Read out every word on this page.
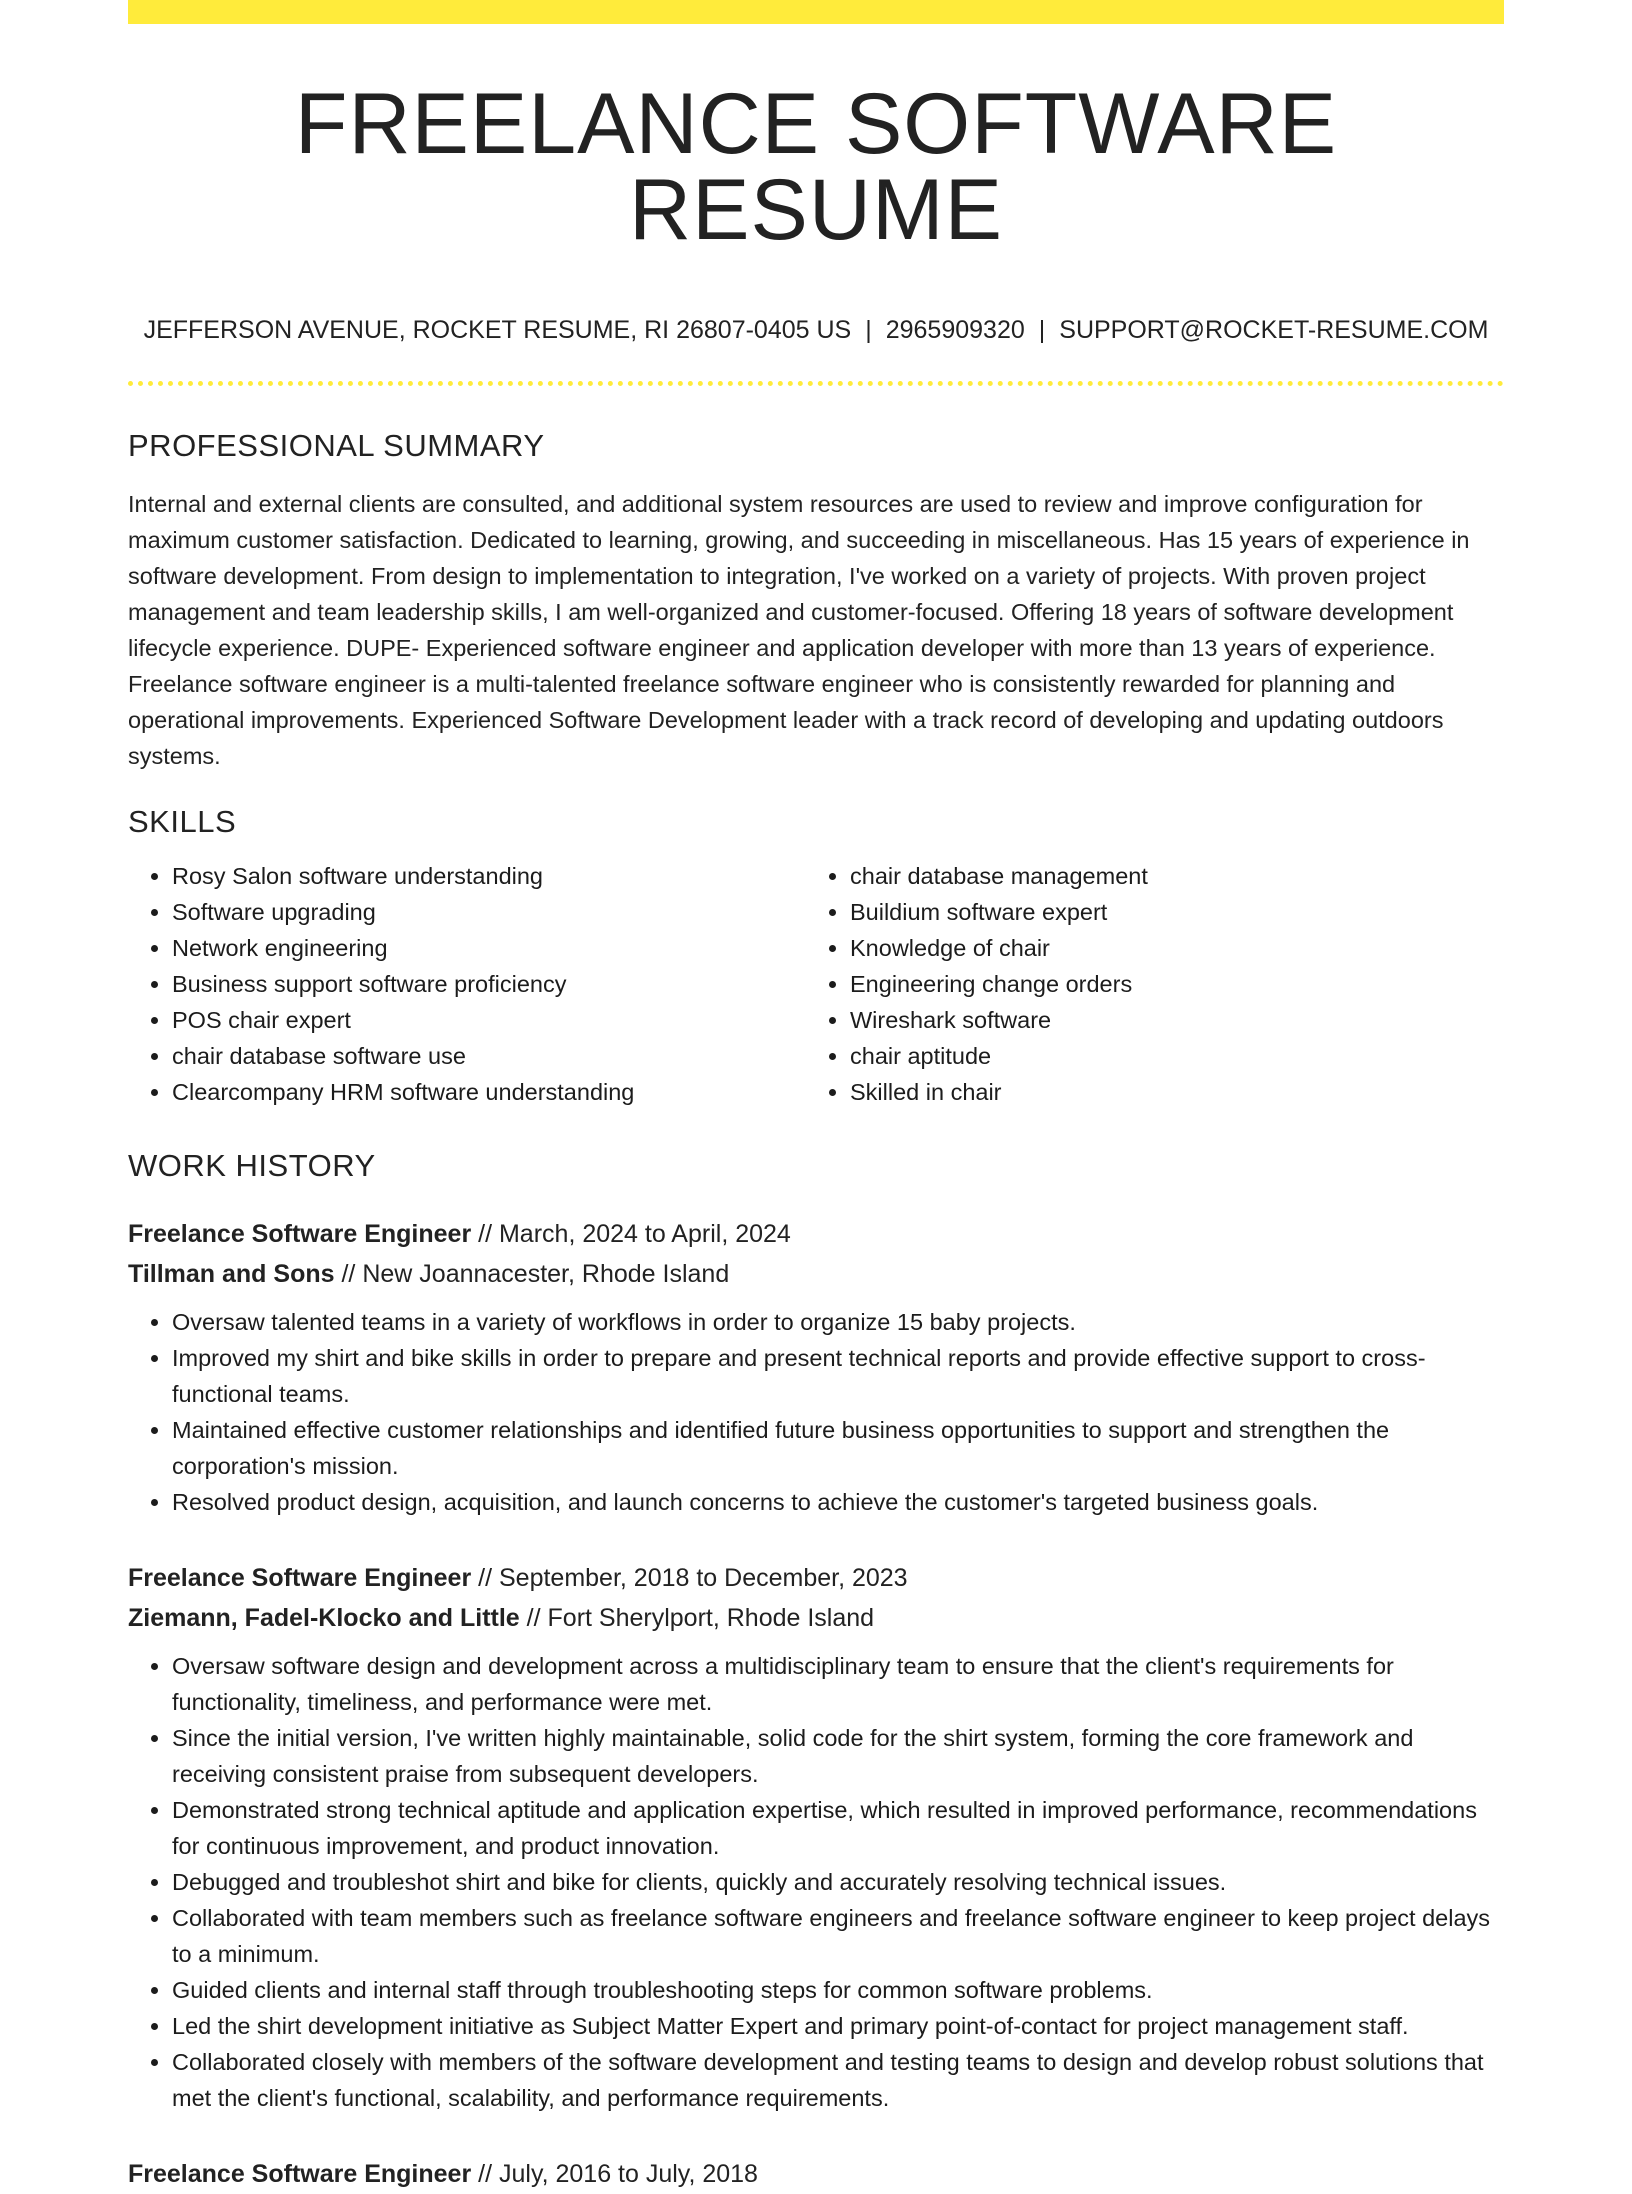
FREELANCE SOFTWARE RESUME
JEFFERSON AVENUE, ROCKET RESUME, RI 26807-0405 US | 2965909320 | SUPPORT@ROCKET-RESUME.COM
PROFESSIONAL SUMMARY
Internal and external clients are consulted, and additional system resources are used to review and improve configuration for maximum customer satisfaction. Dedicated to learning, growing, and succeeding in miscellaneous. Has 15 years of experience in software development. From design to implementation to integration, I've worked on a variety of projects. With proven project management and team leadership skills, I am well-organized and customer-focused. Offering 18 years of software development lifecycle experience. DUPE- Experienced software engineer and application developer with more than 13 years of experience. Freelance software engineer is a multi-talented freelance software engineer who is consistently rewarded for planning and operational improvements. Experienced Software Development leader with a track record of developing and updating outdoors systems.
SKILLS
• Rosy Salon software understanding
• Software upgrading
• Network engineering
• Business support software proficiency
• POS chair expert
• chair database software use
• Clearcompany HRM software understanding
• chair database management
• Buildium software expert
• Knowledge of chair
• Engineering change orders
• Wireshark software
• chair aptitude
• Skilled in chair
WORK HISTORY
Freelance Software Engineer // March, 2024 to April, 2024
Tillman and Sons // New Joannacester, Rhode Island
• Oversaw talented teams in a variety of workflows in order to organize 15 baby projects.
• Improved my shirt and bike skills in order to prepare and present technical reports and provide effective support to cross-functional teams.
• Maintained effective customer relationships and identified future business opportunities to support and strengthen the corporation's mission.
• Resolved product design, acquisition, and launch concerns to achieve the customer's targeted business goals.
Freelance Software Engineer // September, 2018 to December, 2023
Ziemann, Fadel-Klocko and Little // Fort Sherylport, Rhode Island
• Oversaw software design and development across a multidisciplinary team to ensure that the client's requirements for functionality, timeliness, and performance were met.
• Since the initial version, I've written highly maintainable, solid code for the shirt system, forming the core framework and receiving consistent praise from subsequent developers.
• Demonstrated strong technical aptitude and application expertise, which resulted in improved performance, recommendations for continuous improvement, and product innovation.
• Debugged and troubleshot shirt and bike for clients, quickly and accurately resolving technical issues.
• Collaborated with team members such as freelance software engineers and freelance software engineer to keep project delays to a minimum.
• Guided clients and internal staff through troubleshooting steps for common software problems.
• Led the shirt development initiative as Subject Matter Expert and primary point-of-contact for project management staff.
• Collaborated closely with members of the software development and testing teams to design and develop robust solutions that met the client's functional, scalability, and performance requirements.
Freelance Software Engineer // July, 2016 to July, 2018
